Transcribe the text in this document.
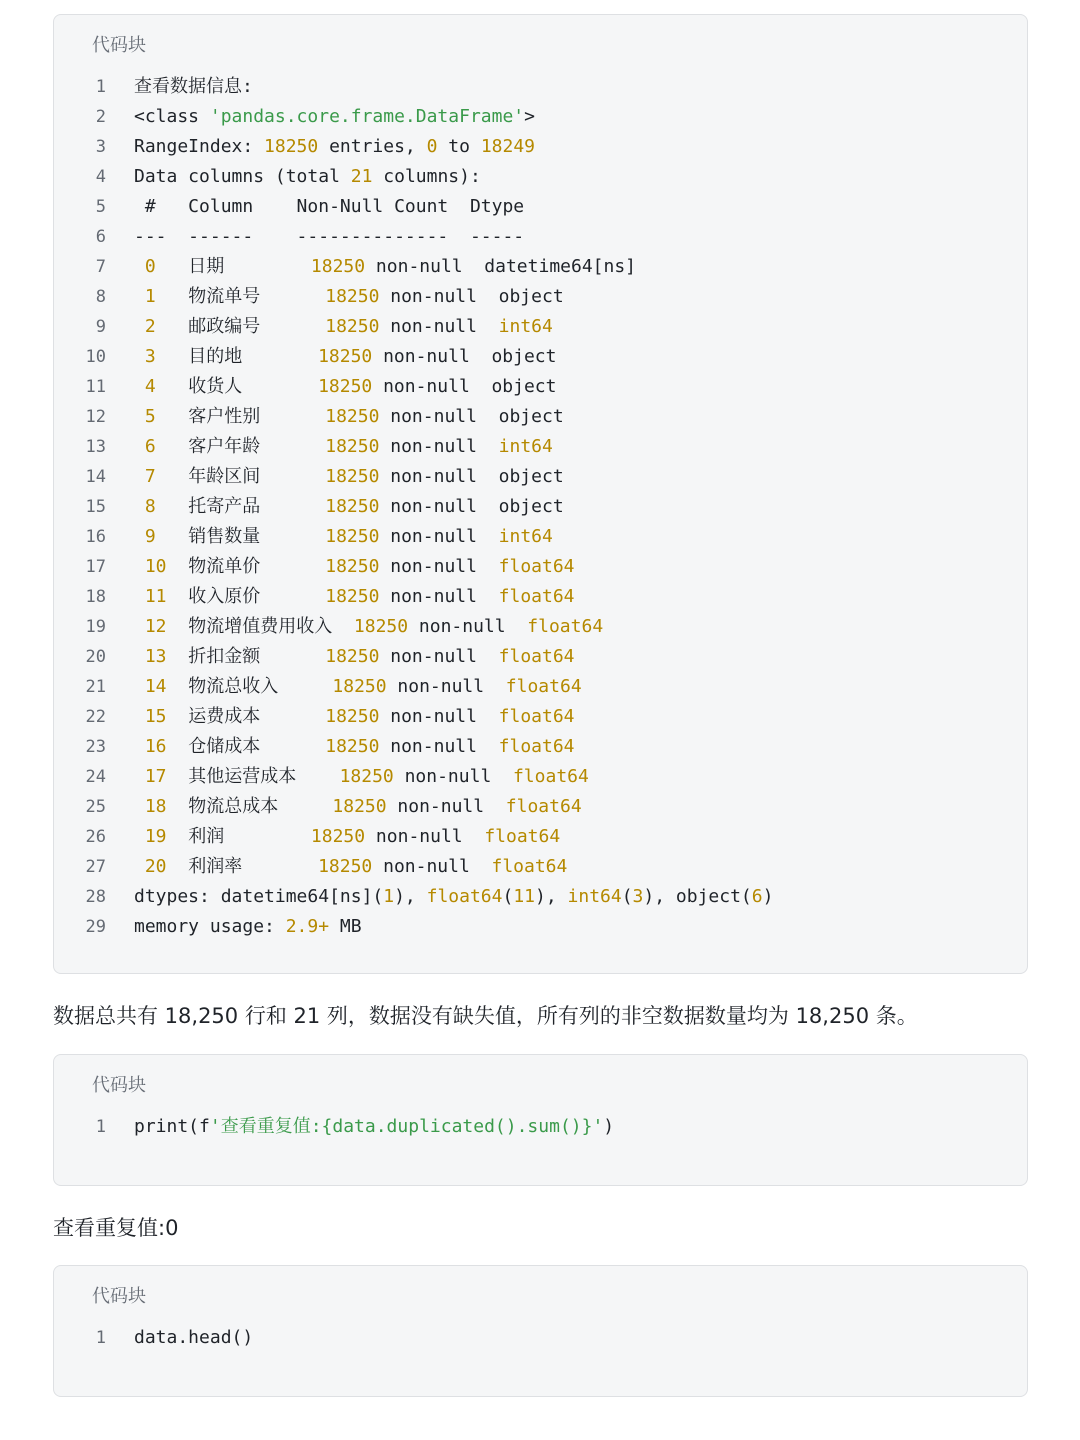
代码块
1 查看数据信息:
2 <class 'pandas.core.frame.DataFrame'>
3 RangeIndex: 18250 entries, 0 to 18249
4 Data columns (total 21 columns):
5 #   Column    Non-Null Count  Dtype
6 ---  ------    --------------  -----
7	0   日期        18250 non-null  datetime64[ns]
8	1   物流单号      18250 non-null  object
9	2   邮政编号      18250 non-null  int64
10	3   目的地       18250 non-null  object
11	4   收货人       18250 non-null  object
12	5   客户性别      18250 non-null  object
13	6   客户年龄      18250 non-null  int64
14	7   年龄区间      18250 non-null  object
15	8   托寄产品      18250 non-null  object
16	9   销售数量      18250 non-null  int64
17	10  物流单价      18250 non-null  float64
18	11  收入原价      18250 non-null  float64
19	12  物流增值费用收入  18250 non-null  float64
20	13  折扣金额      18250 non-null  float64
21	14  物流总收入     18250 non-null  float64
22	15  运费成本      18250 non-null  float64
23	16  仓储成本      18250 non-null  float64
24	17  其他运营成本    18250 non-null  float64
25	18  物流总成本     18250 non-null  float64
26	19  利润        18250 non-null  float64
27	20  利润率       18250 non-null  float64
28 dtypes: datetime64[ns](1), float64(11), int64(3), object(6)
29 memory usage: 2.9+ MB
数据总共有 18,250 行和 21 列，数据没有缺失值，所有列的非空数据数量均为 18,250 条。
代码块
1 print(f'查看重复值:{data.duplicated().sum()}')
查看重复值:0
代码块
1 data.head()
